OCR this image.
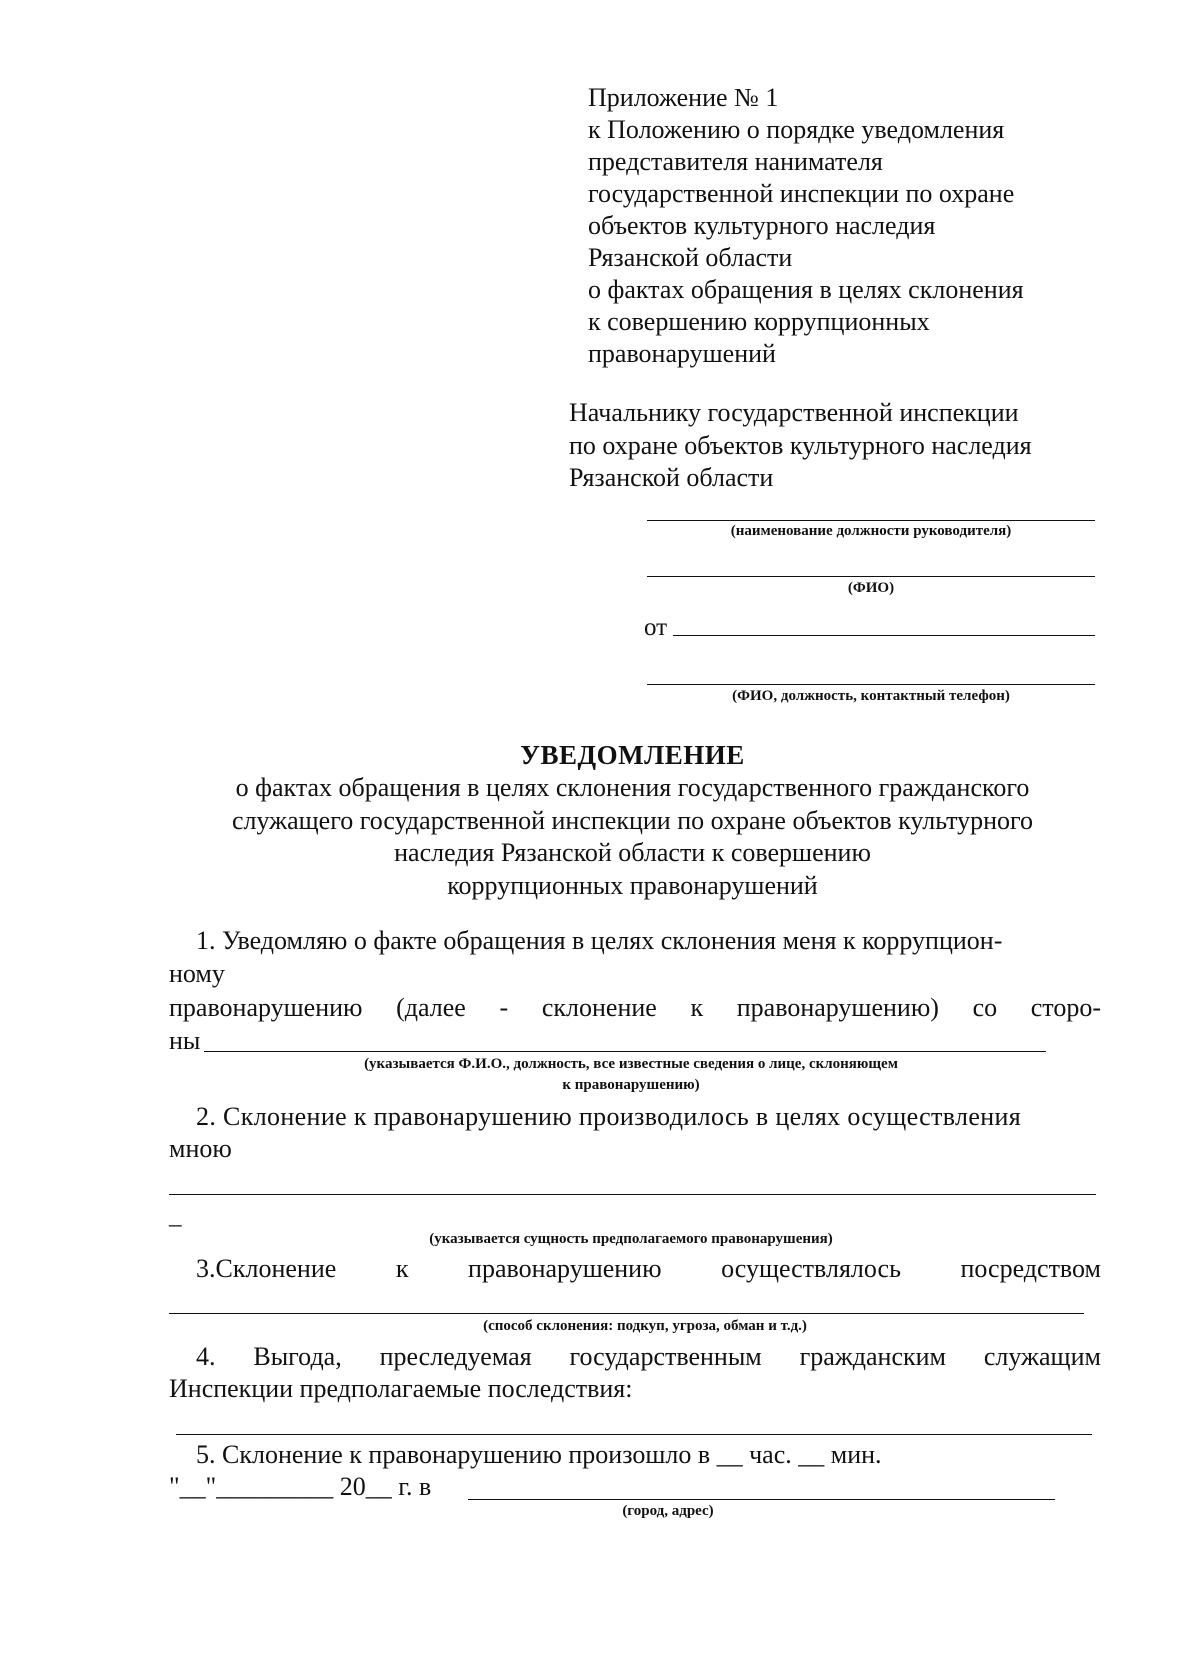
Приложение № 1
к Положению о порядке уведомления
представителя нанимателя
государственной инспекции по охране
объектов культурного наследия
Рязанской области
о фактах обращения в целях склонения
к совершению коррупционных
правонарушений
Начальнику государственной инспекции
по охране объектов культурного наследия
Рязанской области
(наименование должности руководителя)
(ФИО)
от
(ФИО, должность, контактный телефон)
УВЕДОМЛЕНИЕ
о фактах обращения в целях склонения государственного гражданского
служащего государственной инспекции по охране объектов культурного
наследия Рязанской области к совершению
коррупционных правонарушений
1. Уведомляю о факте обращения в целях склонения меня к коррупцион-
ному
правонарушению (далее - склонение к правонарушению) со сторо-
ны
(указывается Ф.И.О., должность, все известные сведения о лице, склоняющем
к правонарушению)
2. Склонение к правонарушению производилось в целях осуществления
мною
_
(указывается сущность предполагаемого правонарушения)
3.Склонение к правонарушению осуществлялось посредством
(способ склонения: подкуп, угроза, обман и т.д.)
4. Выгода, преследуемая государственным гражданским служащим
Инспекции предполагаемые последствия:
5. Склонение к правонарушению произошло в __ час. __ мин.
"__"_________ 20__ г. в
(город, адрес)
